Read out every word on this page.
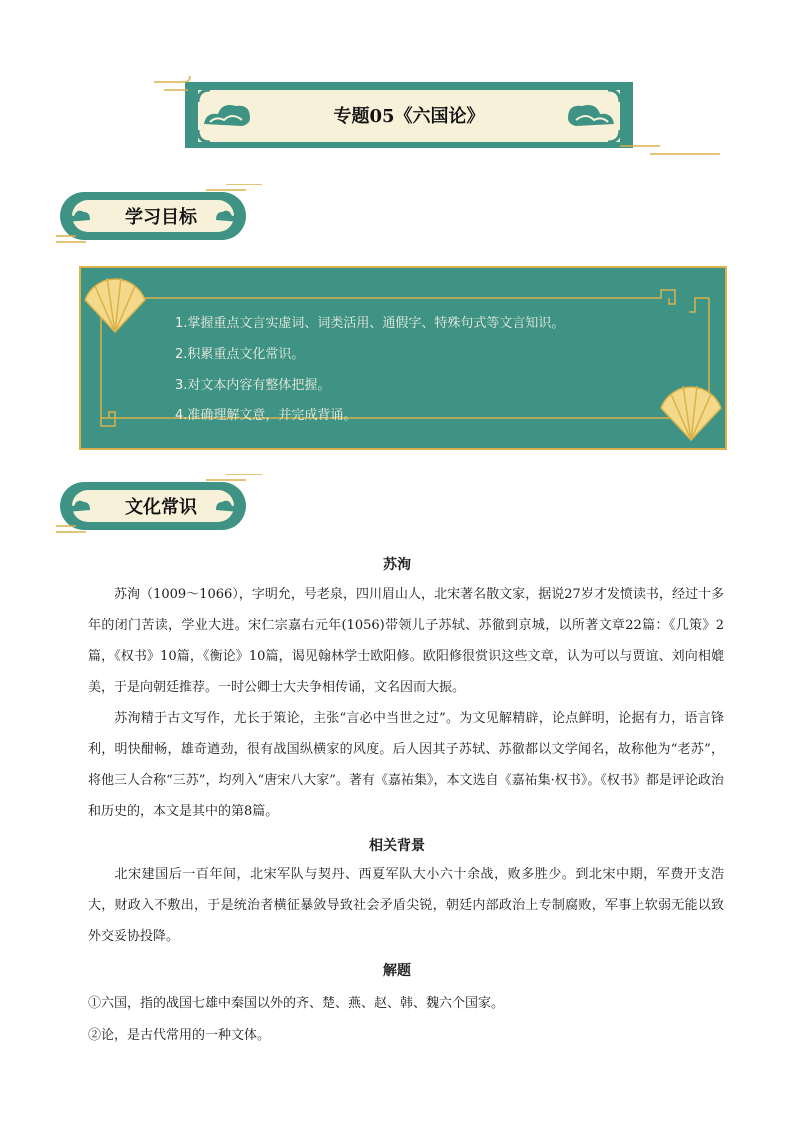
专题05《六国论》
学习目标
1.掌握重点文言实虚词、词类活用、通假字、特殊句式等文言知识。
2.积累重点文化常识。
3.对文本内容有整体把握。
4.准确理解文意，并完成背诵。
文化常识
苏洵
苏洵（1009～1066），字明允，号老泉，四川眉山人，北宋著名散文家，据说27岁才发愤读书，经过十多年的闭门苦读，学业大进。宋仁宗嘉右元年(1056)带领儿子苏轼、苏徹到京城，以所著文章22篇：《几策》2篇，《权书》10篇，《衡论》10篇，谒见翰林学士欧阳修。欧阳修很赏识这些文章，认为可以与贾谊、刘向相媲美，于是向朝廷推荐。一时公卿士大夫争相传诵，文名因而大振。
苏洵精于古文写作，尤长于策论，主张“言必中当世之过”。为文见解精辟，论点鲜明，论据有力，语言锋利，明快酣畅，雄奇遒劲，很有战国纵横家的风度。后人因其子苏轼、苏徹都以文学闻名，故称他为“老苏”，将他三人合称“三苏”，均列入“唐宋八大家”。著有《嘉祐集》，本文选自《嘉祐集·权书》。《权书》都是评论政治和历史的，本文是其中的第8篇。
相关背景
北宋建国后一百年间，北宋军队与契丹、西夏军队大小六十余战，败多胜少。到北宋中期，军费开支浩大，财政入不敷出，于是统治者横征暴敛导致社会矛盾尖锐，朝廷内部政治上专制腐败，军事上软弱无能以致外交妥协投降。
解题
①六国，指的战国七雄中秦国以外的齐、楚、燕、赵、韩、魏六个国家。
②论，是古代常用的一种文体。
